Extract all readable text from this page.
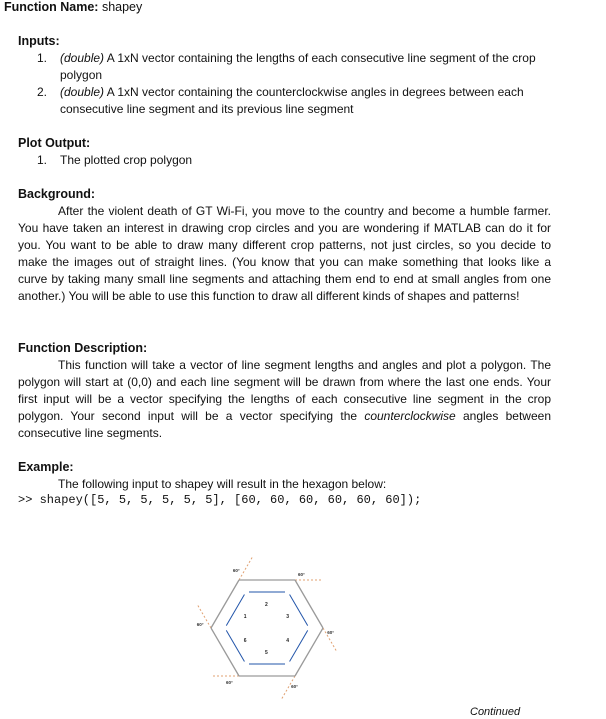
Function Name: shapey
Inputs:
1. (double) A 1xN vector containing the lengths of each consecutive line segment of the crop polygon
2. (double) A 1xN vector containing the counterclockwise angles in degrees between each consecutive line segment and its previous line segment
Plot Output:
1. The plotted crop polygon
Background:
After the violent death of GT Wi-Fi, you move to the country and become a humble farmer. You have taken an interest in drawing crop circles and you are wondering if MATLAB can do it for you. You want to be able to draw many different crop patterns, not just circles, so you decide to make the images out of straight lines. (You know that you can make something that looks like a curve by taking many small line segments and attaching them end to end at small angles from one another.) You will be able to use this function to draw all different kinds of shapes and patterns!
Function Description:
This function will take a vector of line segment lengths and angles and plot a polygon. The polygon will start at (0,0) and each line segment will be drawn from where the last one ends. Your first input will be a vector specifying the lengths of each consecutive line segment in the crop polygon. Your second input will be a vector specifying the counterclockwise angles between consecutive line segments.
Example:
The following input to shapey will result in the hexagon below:
>> shapey([5, 5, 5, 5, 5, 5], [60, 60, 60, 60, 60, 60]);
1
2
3
4
5
6
60°
60°
60°
60°
60°
60°
Continued
